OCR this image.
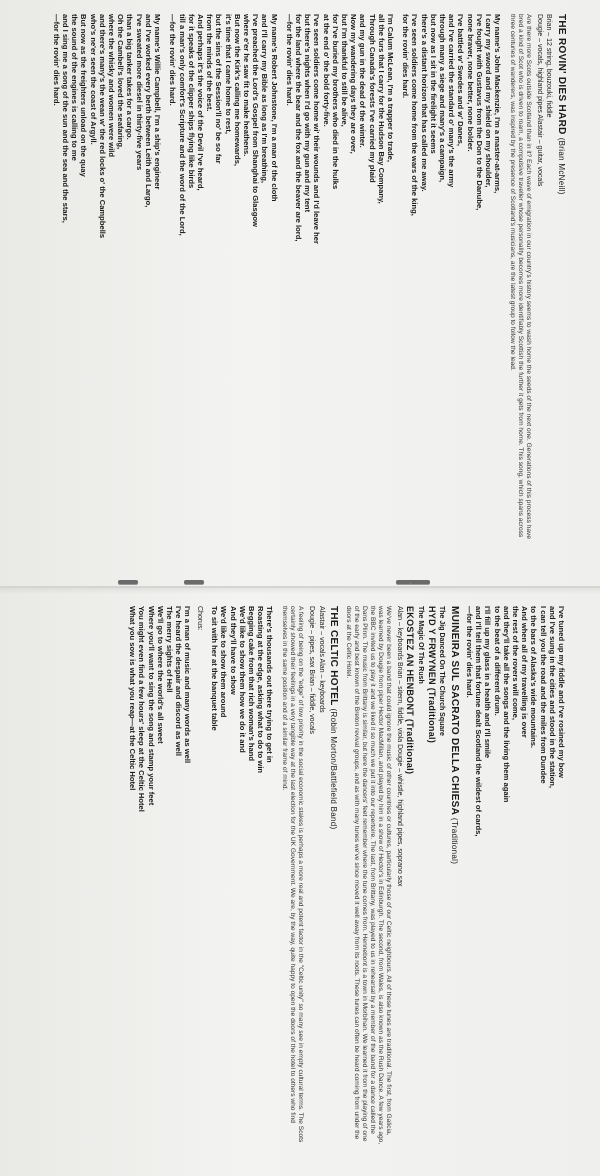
THE ROVIN' DIES HARD (Brian McNeill)
Brian – 12 string, bouzouki, fiddle
Dougie – vocals, highland pipes Alastair – guitar, vocals
Are there more Scots outside Scotland than in it? Each wave of emigration in our country's history seems to wash home the seeds of the next one. Generations of this process have bred a kind of Scot who is driven to roam, a compulsive traveller whose personality becomes more identifiably Scottish the further it gets from home. This song, which spans across three centuries of wanderers, was inspired by the presence of Scotland's musicians, are the latest group to follow the lead.
My name's John Mackenzie, I'm a master-at-arms,
I carry my sword and my shield on my shoulder,
I've fought with Gustavus from the Don to the Danube,
none braver, none better, none bolder.
I've battled w' Swedes and w' Danes,
and I've carried the standard o' many's the army
through many a siege and many's a campaign,
but now as I sit in the firelight it seems
there's a distant horizon that has called me away.
I've seen soldiers come home from the wars of the king,
for the rovin' dies hard.
I'm Calum McLean, I'm a trapper to trade,
all the furs that I carry for the Hudson Bay Company,
Through Canada's forests I've carried my plaid
and my gun in the dead of the winter.
Now my wandering days they are over,
but I'm thankful to still be alive,
for I've buried my brothers who died in the hulks
at the end o' the bold forty-five.
I've seen soldiers come home wi' their wounds and I'd leave her
but there's nights when I'd go with my gun and my tent
for the land where the bear and the fox and the beaver are lord,
—for the rovin' dies hard.
My name's Robert Johnstone, I'm a man of the cloth
and I'll carry my Bible as long as I'm breathing,
I've preached the Lord's Gospel from Shanghai to Glasgow
where e'er he saw fit to make heathens.
But now the Kirk's calling me homewards,
it's time that I came home to rest,
but the sins of the Session'll no' be so far
from the minds of the best.
And perhaps it's the voice of the Devil I've heard,
for it speaks of the clipper ships flying like birds
till a man's only comfort's Scripture and the word of the Lord,
—for the rovin' dies hard.
My name's Willie Campbell, I'm a ship's engineer
and I've worked every berth between Leith and Largo,
I've sweated more diesel in thirty-five years
than a big tanker takes for a cargo.
Oh the Cambell's loved the seafaring,
where the whisky and women were wild
and there's many's the wean w' the red locks o' the Campbells
who's ne'er seen the coast of Argyll.
But now as the freighters unload on the quay
the sound of the engines is calling to me
and I sing me a song of the sun and the sea and the stars,
—for the rovin' dies hard.
I've tuned up my fiddle and I've rosined my bow
and I've sung in the cities and stood in the station,
I can tell you the road and the miles from Dundee
to the bars of Alaska's wide mountains.
And when all of my travelling is over
the rest of the rovers will come,
and they'll take all the songs and the living them again
to the beat of a different drum.
I'll fill up my glass in a health and I'll smile
and I'll tell them that fortune dealt Scotland the wildest of cards,
—for the rovin' dies hard.
MUINEIRA SUL SACRATO DELLA CHIESA (Traditional)
The Jig Danced On The Church Square
HYD Y FRWYNEN (Traditional)
The Magic Of The Rush
EKOSTEZ AN HENBONT (Traditional)
Alan – keyboards Brian – sitern, fiddle, viola Dougie – whistle, highland pipes, soprano sax
We've never been a band that could ignore the music of other countries or cultures, particularly those of our Celtic neighbours. All of these tunes are traditional. The first, from Galicia, was learned by Dougie from piper Hector MacMillan, and played by him in a show of Hector's in Edinburgh. The second, from Wales, is also known as the Rush Dance. A few years ago, the BBC invited us to play it and we liked it so much we put it into our repertoire. The last, from Brittany, was played to us in rehearsal by a member of the band for a dance called the Dans Plinn. The music from Brittany is similar, but here the dancers' feet remember where the tune comes from. Hennebont is a town in Morbihan. We learned it from the playing of one of the early and best known of the Breton revival groups, and as with many tunes we've since moved it well away from its roots. These tunes can often be heard coming from under the doors at the Celtic Hotel.
THE CELTIC HOTEL (Robin Morton/Battlefield Band)
Alastair – vocals Alan – keyboards
Dougie – pipes, sax Brian – fiddle, vocals
A feeling of being on the "edge" of low priority in the social economic stakes is perhaps a more real and potent factor in the "Celtic unity" so many see in empty cultural terms. The Scots certainly showed their feelings in a very tangible way at the last election for the UK Government. We are, by the way, quite happy to open the doors of the hotel to others who find themselves in the same position and of a similar frame of mind.
There's thousands out there trying to get in
Roasting at the edge, asking what to do to win
Begging cake from that rich woman's hand
We'd like to show them how we do it and
And they'll have to show
We'd like to show them around
To sit with her at the banquet table
Chorus:
I'm a man of music and many words as well
I've heard the despair and discord as well
The merry sights of Hell
We'll go to where the world's all sweet
Where you'll want to sing the song and stamp your feet
You might even find a few hours' sleep at the Celtic Hotel
What you sow is what you reap—at the Celtic Hotel
